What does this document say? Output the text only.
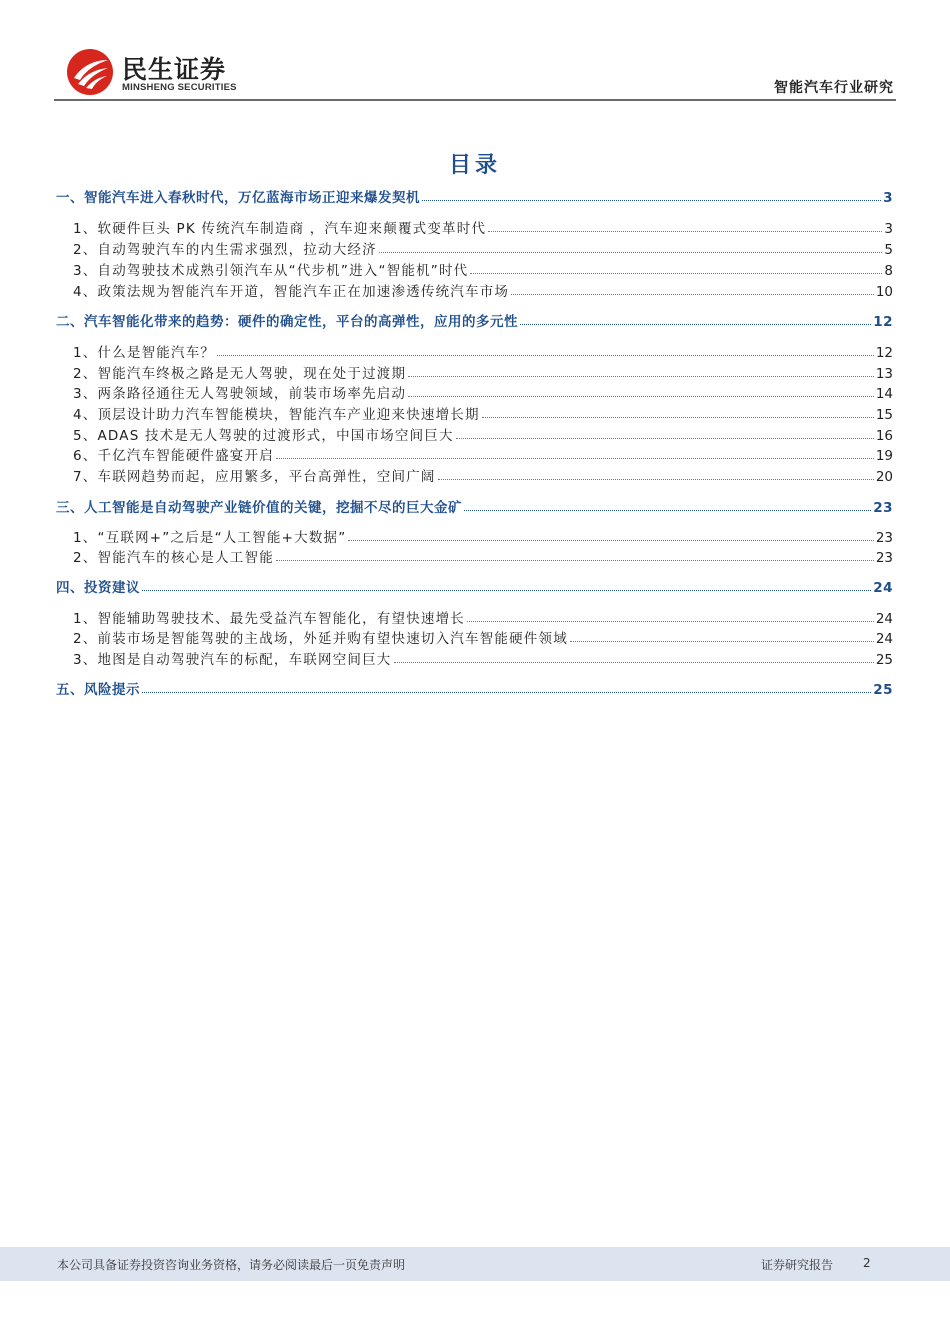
民生证券
MINSHENG SECURITIES	智能汽车行业研究
目录
一、智能汽车进入春秋时代，万亿蓝海市场正迎来爆发契机	3
1、软硬件巨头 PK 传统汽车制造商 ，汽车迎来颠覆式变革时代	3
2、自动驾驶汽车的内生需求强烈，拉动大经济	5
3、自动驾驶技术成熟引领汽车从“代步机”进入“智能机”时代	8
4、政策法规为智能汽车开道，智能汽车正在加速渗透传统汽车市场	10
二、汽车智能化带来的趋势：硬件的确定性，平台的高弹性，应用的多元性	12
1、什么是智能汽车？	12
2、智能汽车终极之路是无人驾驶，现在处于过渡期	13
3、两条路径通往无人驾驶领域，前装市场率先启动	14
4、顶层设计助力汽车智能模块，智能汽车产业迎来快速增长期	15
5、ADAS 技术是无人驾驶的过渡形式，中国市场空间巨大	16
6、千亿汽车智能硬件盛宴开启	19
7、车联网趋势而起，应用繁多，平台高弹性，空间广阔	20
三、人工智能是自动驾驶产业链价值的关键，挖掘不尽的巨大金矿	23
1、“互联网+”之后是“人工智能+大数据”	23
2、智能汽车的核心是人工智能	23
四、投资建议	24
1、智能辅助驾驶技术、最先受益汽车智能化，有望快速增长	24
2、前装市场是智能驾驶的主战场，外延并购有望快速切入汽车智能硬件领域	24
3、地图是自动驾驶汽车的标配，车联网空间巨大	25
五、风险提示	25
本公司具备证券投资咨询业务资格，请务必阅读最后一页免责声明	证券研究报告 2
